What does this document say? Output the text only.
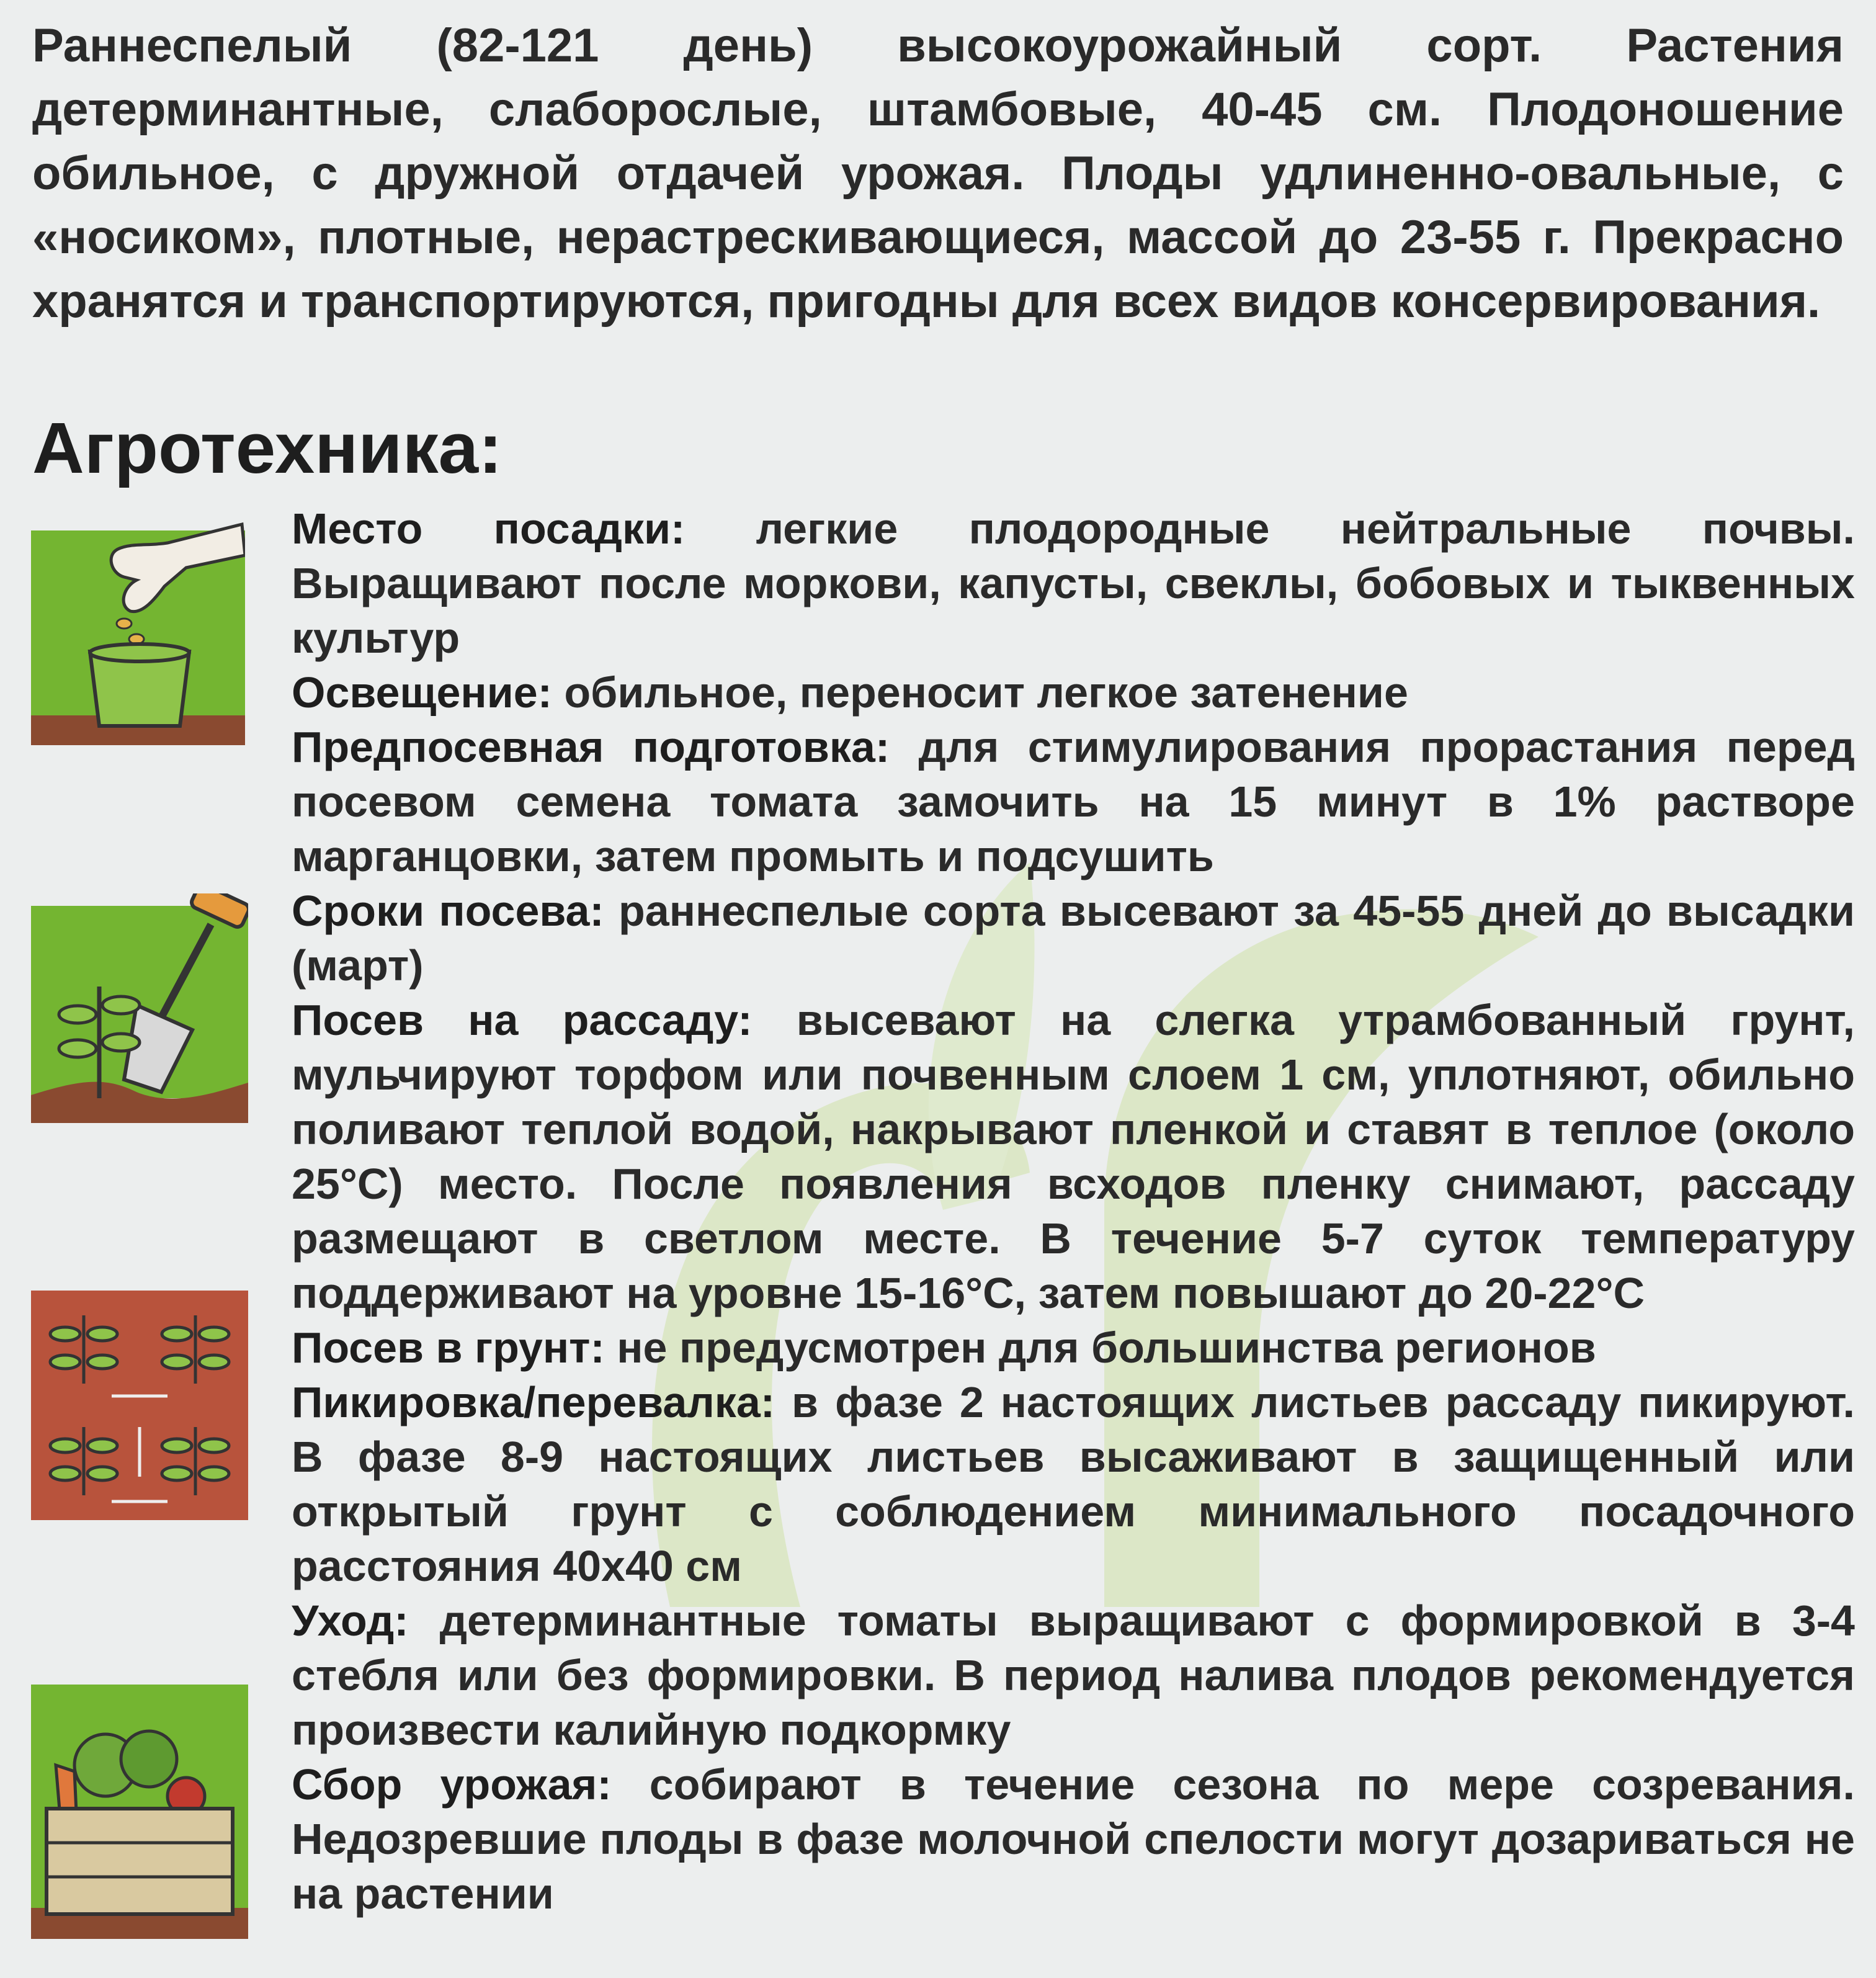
Раннеспелый (82-121 день) высокоурожайный сорт. Растения детерминантные, слаборослые, штамбовые, 40-45 см. Плодоношение обильное, с дружной отдачей урожая. Плоды удлиненно-овальные, с «носиком», плотные, нерастрескивающиеся, массой до 23-55 г. Прекрасно хранятся и транспортируются, пригодны для всех видов консервирования.

Агротехника:

Место посадки: легкие плодородные нейтральные почвы. Выращивают после моркови, капусты, свеклы, бобовых и тыквенных культур

Освещение: обильное, переносит легкое затенение

Предпосевная подготовка: для стимулирования прорастания перед посевом семена томата замочить на 15 минут в 1% растворе марганцовки, затем промыть и подсушить

Сроки посева: раннеспелые сорта высевают за 45-55 дней до высадки (март)

Посев на рассаду: высевают на слегка утрамбованный грунт, мульчируют торфом или почвенным слоем 1 см, уплотняют, обильно поливают теплой водой, накрывают пленкой и ставят в теплое (около 25°С) место. После появления всходов пленку снимают, рассаду размещают в светлом месте. В течение 5-7 суток температуру поддерживают на уровне 15-16°С, затем повышают до 20-22°С

Посев в грунт: не предусмотрен для большинства регионов

Пикировка/перевалка: в фазе 2 настоящих листьев рассаду пикируют. В фазе 8-9 настоящих листьев высаживают в защищенный или открытый грунт с соблюдением минимального посадочного расстояния 40х40 см

Уход: детерминантные томаты выращивают с формировкой в 3-4 стебля или без формировки. В период налива плодов рекомендуется произвести калийную подкормку

Сбор урожая: собирают в течение сезона по мере созревания. Недозревшие плоды в фазе молочной спелости могут дозариваться не на растении
